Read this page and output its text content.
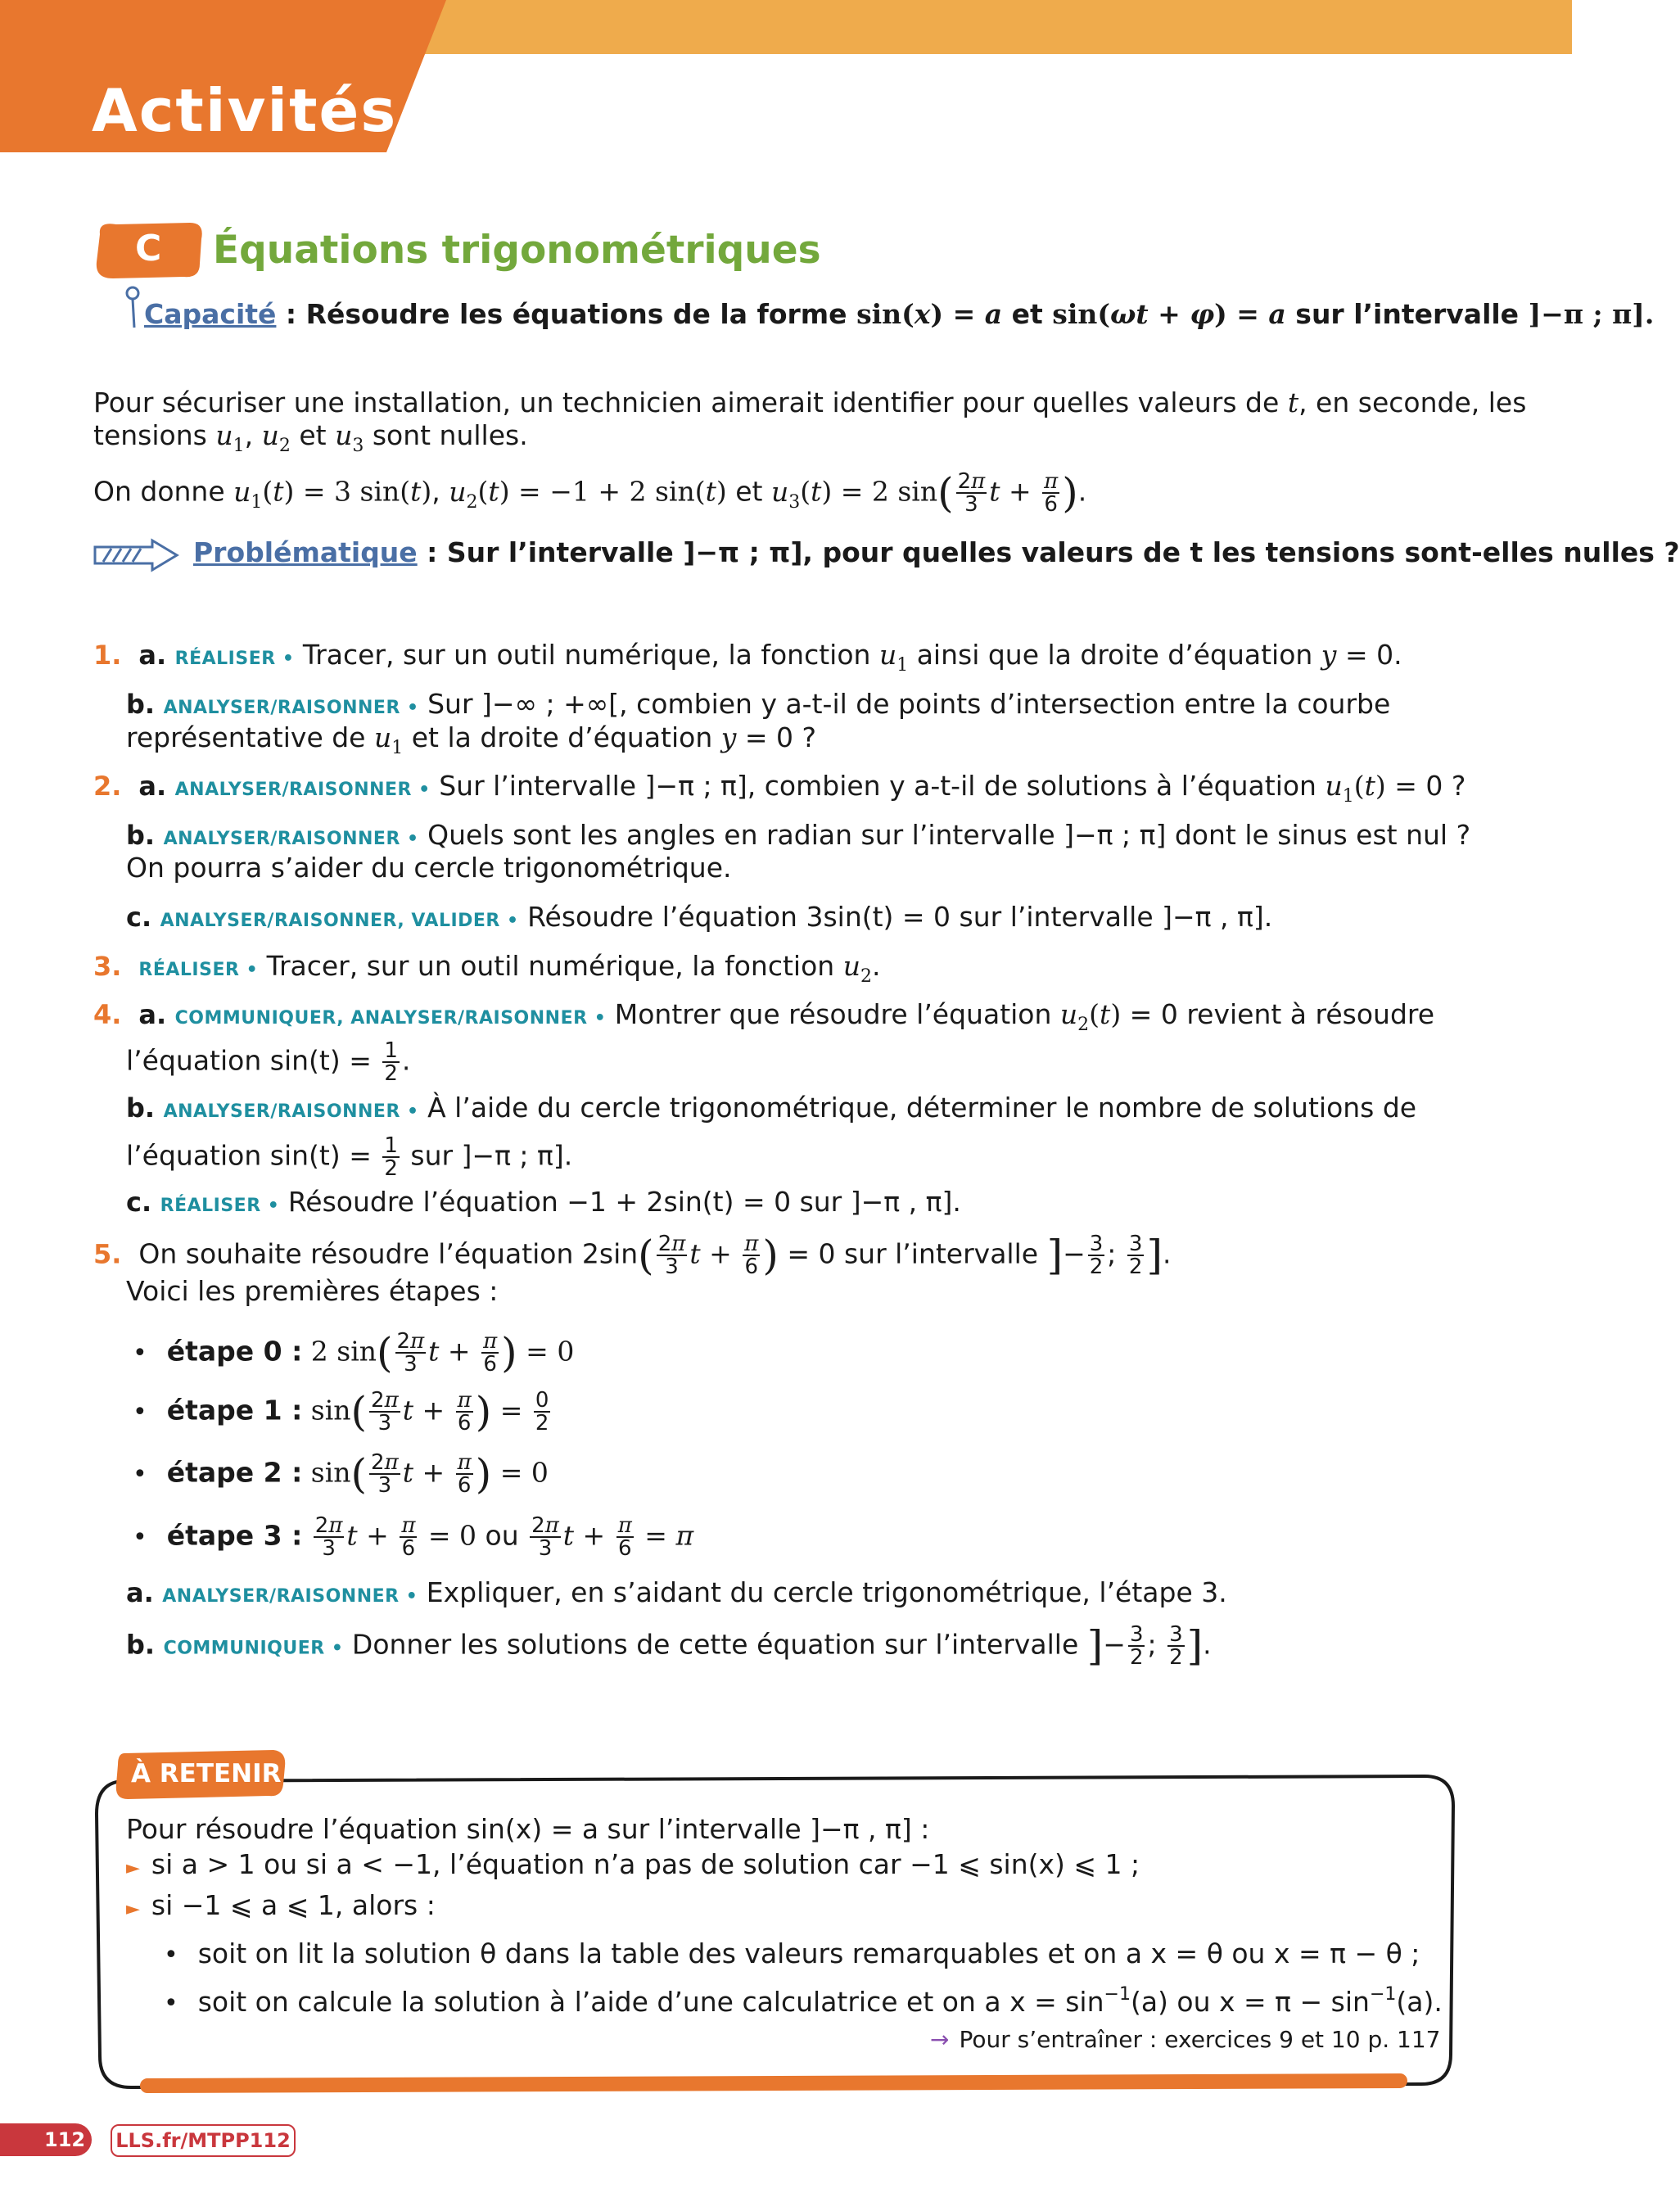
Activités
C Équations trigonométriques
Capacité : Résoudre les équations de la forme sin(x) = a et sin(ωt + φ) = a sur l’intervalle ]−π ; π].
Pour sécuriser une installation, un technicien aimerait identifier pour quelles valeurs de t, en seconde, les
tensions $u_1$, $u_2$ et $u_3$ sont nulles.
On donne $u_1(t) = 3$ sin(t), $u_2(t) = -1 + 2$ sin(t) et $u_3(t) = 2$ $\sin( \frac{2\pi}{3}$ $t + \frac{\pi}{6}$ ).
Problématique : Sur l’intervalle ]−π ; π], pour quelles valeurs de t les tensions sont-elles nulles ?
1. a. RÉALISER • Tracer, sur un outil numérique, la fonction $u_1$ ainsi que la droite d’équation y = 0.
b. ANALYSER/RAISONNER • Sur ]−∞ ; +∞[, combien y a-t-il de points d’intersection entre la courbe
représentative de $u_1$ et la droite d’équation y = 0 ?
2. a. ANALYSER/RAISONNER • Sur l’intervalle ]−π ; π], combien y a-t-il de solutions à l’équation $u_1(t) = 0$ ?
b. ANALYSER/RAISONNER • Quels sont les angles en radian sur l’intervalle ]−π ; π] dont le sinus est nul ?
On pourra s’aider du cercle trigonométrique.
c. ANALYSER/RAISONNER, VALIDER • Résoudre l’équation 3sin(t) = 0 sur l’intervalle ]−π , π].
3. RÉALISER • Tracer, sur un outil numérique, la fonction $u_2$.
4. a. COMMUNIQUER, ANALYSER/RAISONNER • Montrer que résoudre l’équation $u_2(t) = 0$ revient à résoudre
l’équation $\sin(t) = \frac{1}{2}$ .
b. ANALYSER/RAISONNER • À l’aide du cercle trigonométrique, déterminer le nombre de solutions de
l’équation $\sin(t) = \frac{1}{2}$ sur ]−π ; π].
c. RÉALISER • Résoudre l’équation −1 + 2sin(t) = 0 sur ]−π , π].
5. On souhaite résoudre l’équation $2\sin( \frac{2\pi}{3}$ $t + \frac{\pi}{6}$ ) = 0 sur l’intervalle ]− $\frac{3}{2}$ ; $\frac{3}{2}$ ].
Voici les premières étapes :
• étape 0 : 2 $\sin( \frac{2\pi}{3}$ $t + \frac{\pi}{6}$ ) = 0
• étape 1 : $\sin( \frac{2\pi}{3}$ $t + \frac{\pi}{6}$ ) = $\frac{0}{2}$
• étape 2 : $\sin( \frac{2\pi}{3}$ $t + \frac{\pi}{6}$ ) = 0
• étape 3 : $\frac{2\pi}{3}$ $t + \frac{\pi}{6} = 0$ ou $\frac{2\pi}{3}$ $t + \frac{\pi}{6} = \pi$
a. ANALYSER/RAISONNER • Expliquer, en s’aidant du cercle trigonométrique, l’étape 3.
b. COMMUNIQUER • Donner les solutions de cette équation sur l’intervalle ]− $\frac{3}{2}$ ; $\frac{3}{2}$ ].
À RETENIR
Pour résoudre l’équation sin(x) = a sur l’intervalle ]−π , π] :
► si a > 1 ou si a < −1, l’équation n’a pas de solution car −1 ⩽ sin(x) ⩽ 1 ;
► si −1 ⩽ a ⩽ 1, alors :
• soit on lit la solution θ dans la table des valeurs remarquables et on a x = θ ou x = π − θ ;
• soit on calcule la solution à l’aide d’une calculatrice et on a $x = \sin^{-1}(a)$ ou $x = \pi - \sin^{-1}(a)$.
→ Pour s’entraîner : exercices 9 et 10 p. 117
112 LLS.fr/MTPP112
